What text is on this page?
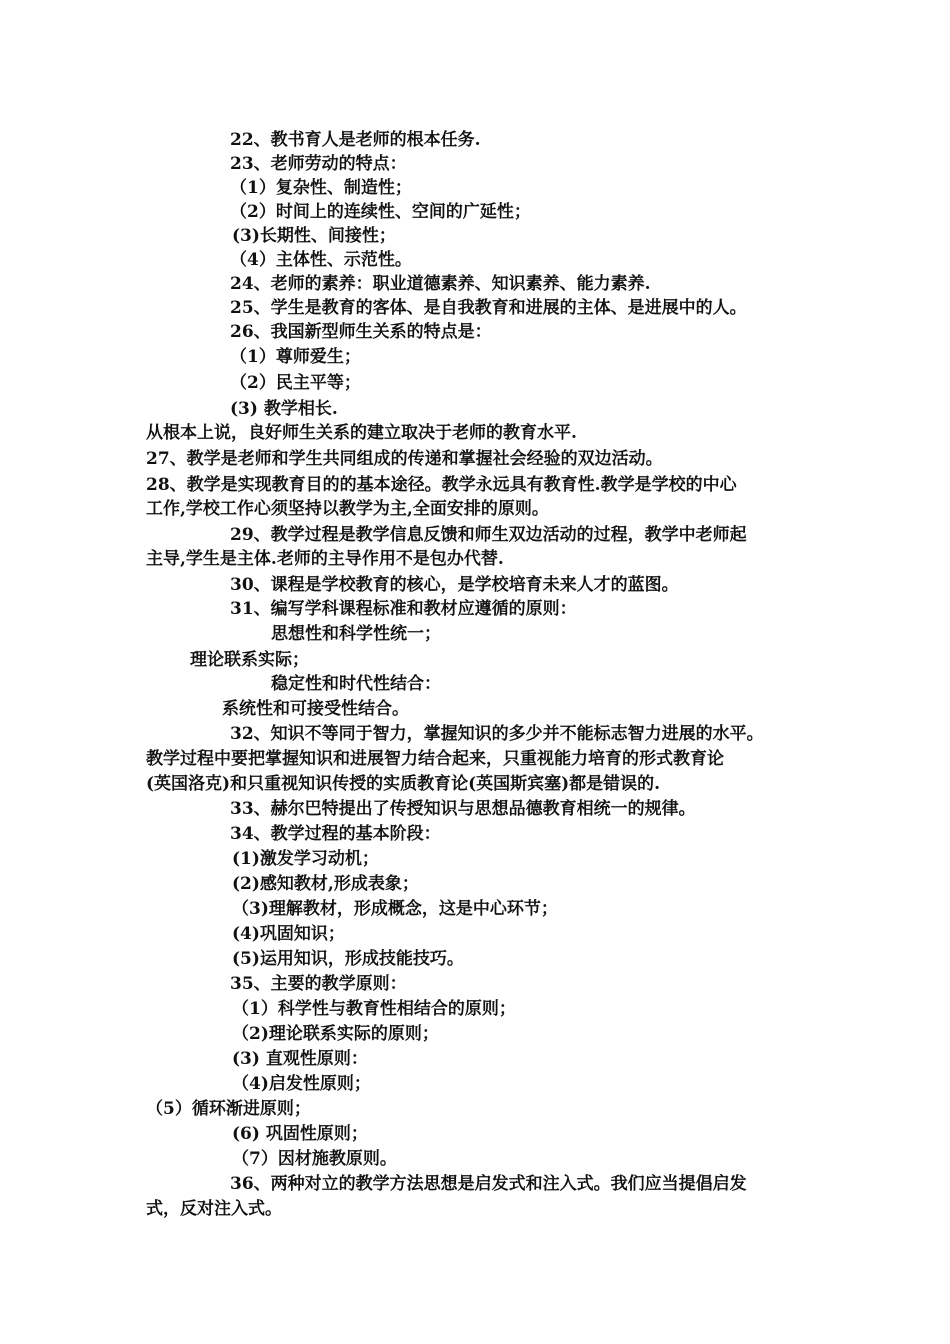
22、教书育人是老师的根本任务.
23、老师劳动的特点：
（1）复杂性、制造性；
（2）时间上的连续性、空间的广延性；
(3)长期性、间接性；
（4）主体性、示范性。
24、老师的素养：职业道德素养、知识素养、能力素养.
25、学生是教育的客体、是自我教育和进展的主体、是进展中的人。
26、我国新型师生关系的特点是：
（1）尊师爱生；
（2）民主平等；
(3) 教学相长.
从根本上说，良好师生关系的建立取决于老师的教育水平.
27、教学是老师和学生共同组成的传递和掌握社会经验的双边活动。
28、教学是实现教育目的的基本途径。教学永远具有教育性.教学是学校的中心
工作,学校工作心须坚持以教学为主,全面安排的原则。
29、教学过程是教学信息反馈和师生双边活动的过程，教学中老师起
主导,学生是主体.老师的主导作用不是包办代替.
30、课程是学校教育的核心，是学校培育未来人才的蓝图。
31、编写学科课程标准和教材应遵循的原则：
思想性和科学性统一；
理论联系实际；
稳定性和时代性结合：
系统性和可接受性结合。
32、知识不等同于智力，掌握知识的多少并不能标志智力进展的水平。
教学过程中要把掌握知识和进展智力结合起来，只重视能力培育的形式教育论
(英国洛克)和只重视知识传授的实质教育论(英国斯宾塞)都是错误的.
33、赫尔巴特提出了传授知识与思想品德教育相统一的规律。
34、教学过程的基本阶段：
(1)激发学习动机；
(2)感知教材,形成表象；
（3)理解教材，形成概念，这是中心环节；
(4)巩固知识；
(5)运用知识，形成技能技巧。
35、主要的教学原则：
（1）科学性与教育性相结合的原则；
（2)理论联系实际的原则；
(3) 直观性原则：
（4)启发性原则；
（5）循环渐进原则；
(6) 巩固性原则；
（7）因材施教原则。
36、两种对立的教学方法思想是启发式和注入式。我们应当提倡启发
式，反对注入式。
